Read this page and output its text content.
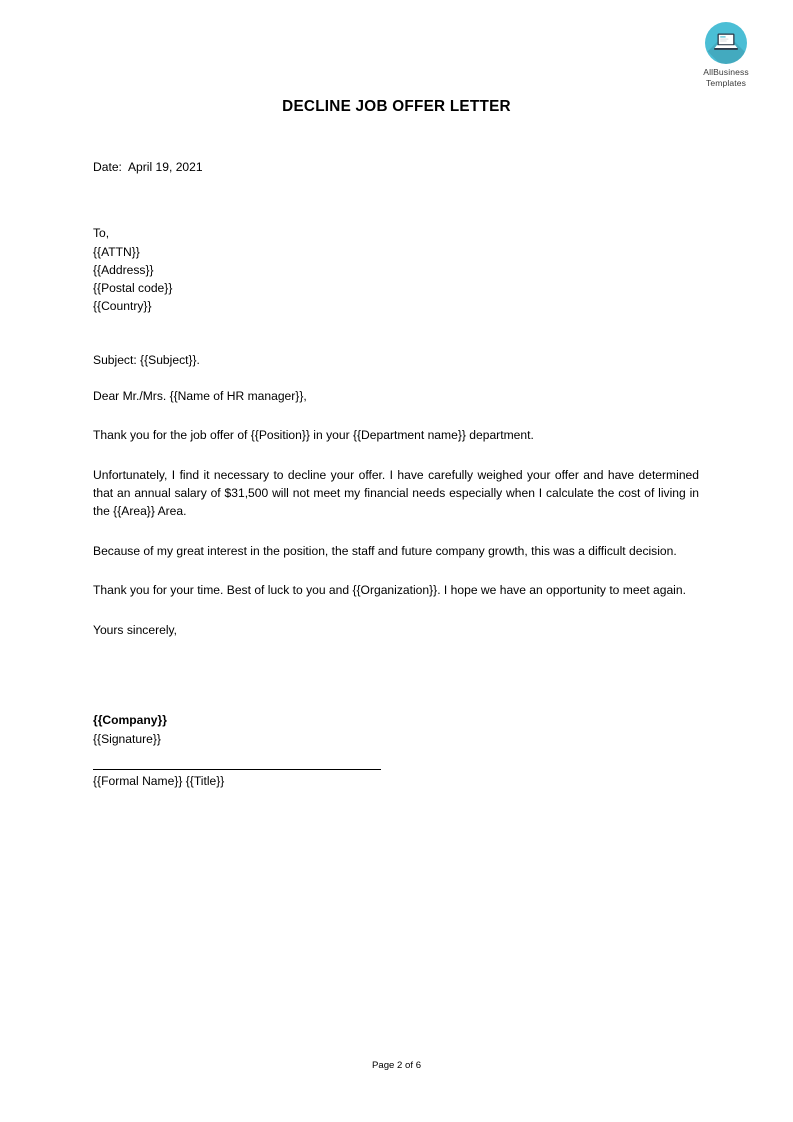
AllBusiness
Templates
DECLINE JOB OFFER LETTER
Date: April 19, 2021
To,
{{ATTN}}
{{Address}}
{{Postal code}}
{{Country}}
Subject: {{Subject}}.
Dear Mr./Mrs. {{Name of HR manager}},

Thank you for the job offer of {{Position}} in your {{Department name}} department.

Unfortunately, I find it necessary to decline your offer. I have carefully weighed your offer and have determined that an annual salary of $31,500 will not meet my financial needs especially when I calculate the cost of living in the {{Area}} Area.

Because of my great interest in the position, the staff and future company growth, this was a difficult decision.

Thank you for your time. Best of luck to you and {{Organization}}. I hope we have an opportunity to meet again.

Yours sincerely,
{{Company}}
{{Signature}}
{{Formal Name}} {{Title}}
Page 2 of 6
